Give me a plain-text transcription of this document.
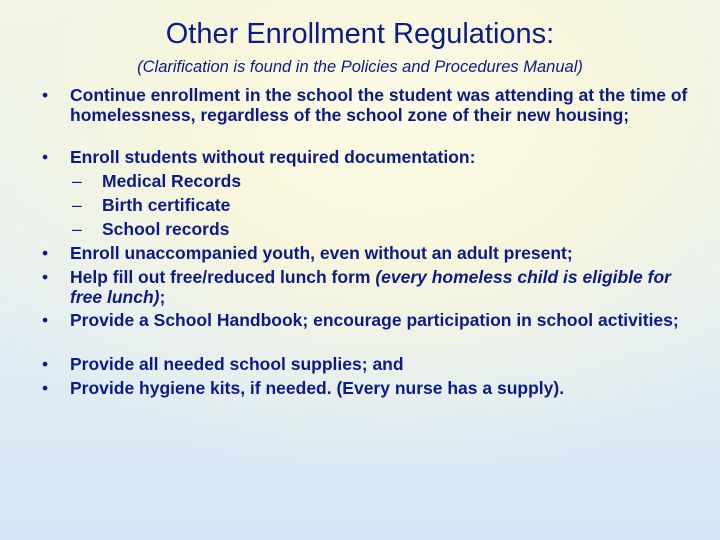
Other Enrollment Regulations:
(Clarification is found in the Policies and Procedures Manual)
•	Continue enrollment in the school the student was attending at the time of homelessness, regardless of the school zone of their new housing;
•	Enroll students without required documentation:
– Medical Records
– Birth certificate
– School records
•	Enroll unaccompanied youth, even without an adult present;
•	Help fill out free/reduced lunch form (every homeless child is eligible for free lunch);
•	Provide a School Handbook; encourage participation in school activities;
•	Provide all needed school supplies; and
•	Provide hygiene kits, if needed. (Every nurse has a supply).
